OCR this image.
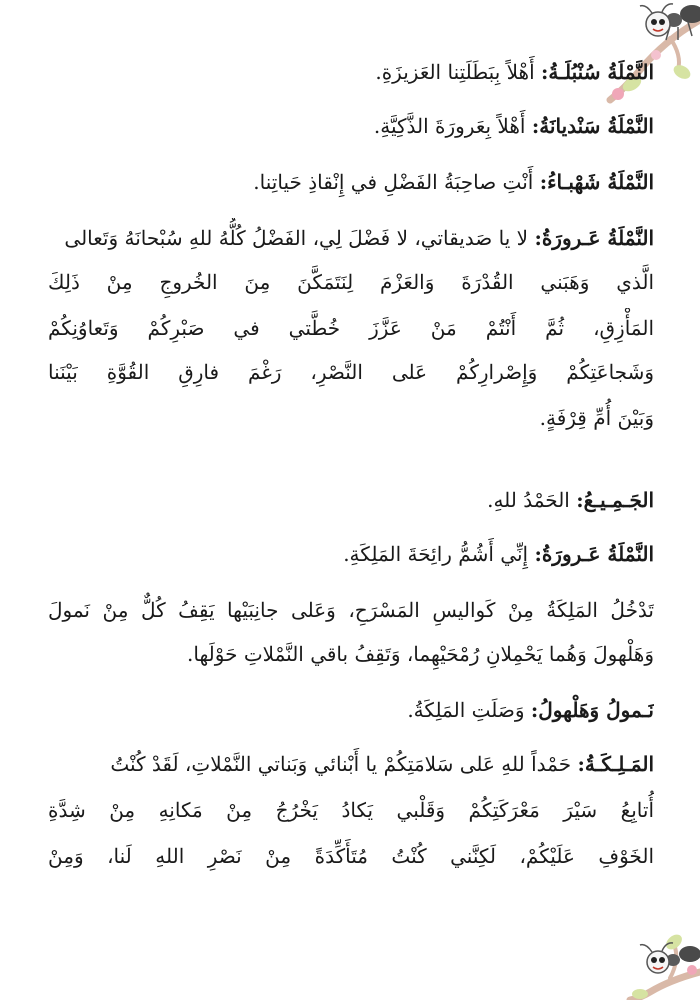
النَّمْلَةُ سُنْبُلَـةُ: أَهْلاً بِبَطَلَتِنا العَزيزَةِ.
النَّمْلَةُ سَنْديانَةُ: أَهْلاً بِعَرورَةَ الذَّكِيَّةِ.
النَّمْلَةُ شَهْبـاءُ: أَنْتِ صاحِبَةُ الفَضْلِ في إِنْقاذِ حَياتِنا.
النَّمْلَةُ عَـرورَةُ: لا يا صَديقاتي، لا فَضْلَ لِي، الفَضْلُ كُلُّهُ للهِ سُبْحانَهُ وَتَعالى
الَّذي وَهَبَني القُدْرَةَ وَالعَزْمَ لِنَتَمَكَّنَ مِنَ الخُروجِ مِنْ ذَلِكَ
المَأْزِقِ، ثُمَّ أَنْتُمْ مَنْ عَزَّزَ خُطَّتي في صَبْرِكُمْ وَتَعاوُنِكُمْ
وَشَجاعَتِكُمْ وَإِصْرارِكُمْ عَلى النَّصْرِ، رَغْمَ فارِقِ القُوَّةِ بَيْنَنا
وَبَيْنَ أُمِّ قِرْفَةٍ.
الجَـمِـيـعُ: الحَمْدُ للهِ.
النَّمْلَةُ عَـرورَةُ: إِنِّي أَشُمُّ رائِحَةَ المَلِكَةِ.
تَدْخُلُ المَلِكَةُ مِنْ كَواليسِ المَسْرَحِ، وَعَلى جانِبَيْها يَقِفُ كُلٌّ مِنْ نَمولَ
وَهَلْهولَ وَهُما يَحْمِلانِ رُمْحَيْهِما، وَتَقِفُ باقي النَّمْلاتِ حَوْلَها.
نَـمولُ وَهَلْهولُ: وَصَلَتِ المَلِكَةُ.
المَـلِـكَـةُ: حَمْداً للهِ عَلى سَلامَتِكُمْ يا أَبْنائي وَبَناتي النَّمْلاتِ، لَقَدْ كُنْتُ
أُتابِعُ سَيْرَ مَعْرَكَتِكُمْ وَقَلْبي يَكادُ يَخْرُجُ مِنْ مَكانِهِ مِنْ شِدَّةِ
الخَوْفِ عَلَيْكُمْ، لَكِنَّني كُنْتُ مُتَأَكِّدَةً مِنْ نَصْرِ اللهِ لَنا، وَمِنْ
